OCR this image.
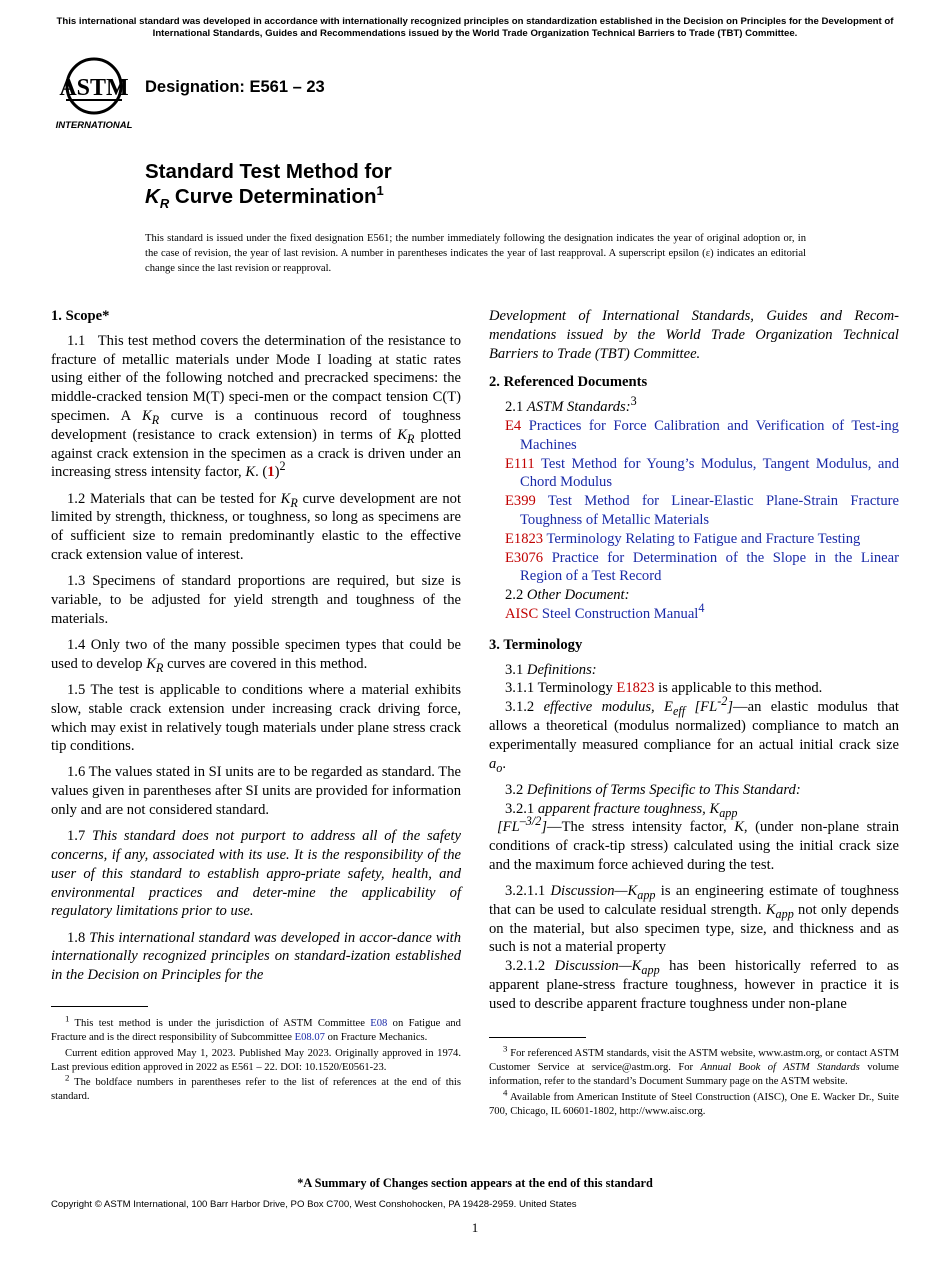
This international standard was developed in accordance with internationally recognized principles on standardization established in the Decision on Principles for the Development of International Standards, Guides and Recommendations issued by the World Trade Organization Technical Barriers to Trade (TBT) Committee.
ASTM
INTERNATIONAL
Designation: E561 – 23
Standard Test Method for
$K_R$ Curve Determination$^1$
This standard is issued under the fixed designation E561; the number immediately following the designation indicates the year of original adoption or, in the case of revision, the year of last revision. A number in parentheses indicates the year of last reapproval. A superscript epsilon (ε) indicates an editorial change since the last revision or reapproval.
1. Scope*

1.1 This test method covers the determination of the resistance to fracture of metallic materials under Mode I loading at static rates using either of the following notched and precracked specimens: the middle-cracked tension M(T) speci-men or the compact tension C(T) specimen. A $K_R$ curve is a continuous record of toughness development (resistance to crack extension) in terms of $K_R$ plotted against crack extension in the specimen as a crack is driven under an increasing stress intensity factor, K. $(1)^2$

1.2 Materials that can be tested for $K_R$ curve development are not limited by strength, thickness, or toughness, so long as specimens are of sufficient size to remain predominantly elastic to the effective crack extension value of interest.

1.3 Specimens of standard proportions are required, but size is variable, to be adjusted for yield strength and toughness of the materials.

1.4 Only two of the many possible specimen types that could be used to develop $K_R$ curves are covered in this method.

1.5 The test is applicable to conditions where a material exhibits slow, stable crack extension under increasing crack driving force, which may exist in relatively tough materials under plane stress crack tip conditions.

1.6 The values stated in SI units are to be regarded as standard. The values given in parentheses after SI units are provided for information only and are not considered standard.

1.7 This standard does not purport to address all of the safety concerns, if any, associated with its use. It is the responsibility of the user of this standard to establish appro-priate safety, health, and environmental practices and deter-mine the applicability of regulatory limitations prior to use.

1.8 This international standard was developed in accor-dance with internationally recognized principles on standard-ization established in the Decision on Principles for the

$^1$ This test method is under the jurisdiction of ASTM Committee E08 on Fatigue and Fracture and is the direct responsibility of Subcommittee E08.07 on Fracture Mechanics.

Current edition approved May 1, 2023. Published May 2023. Originally approved in 1974. Last previous edition approved in 2022 as E561 – 22. DOI: 10.1520/E0561-23.

$^2$ The boldface numbers in parentheses refer to the list of references at the end of this standard.

Development of International Standards, Guides and Recom-mendations issued by the World Trade Organization Technical Barriers to Trade (TBT) Committee.

2. Referenced Documents
2.1 ASTM Standards:$^3$
E4 Practices for Force Calibration and Verification of Test-ing Machines
E111 Test Method for Young’s Modulus, Tangent Modulus, and Chord Modulus
E399 Test Method for Linear-Elastic Plane-Strain Fracture Toughness of Metallic Materials
E1823 Terminology Relating to Fatigue and Fracture Testing
E3076 Practice for Determination of the Slope in the Linear Region of a Test Record
2.2 Other Document:
AISC Steel Construction Manual$^4$
3. Terminology
3.1 Definitions:
3.1.1 Terminology E1823 is applicable to this method.

3.1.2 effective modulus, $E_{eff}$ $[FL^{-2}]—an$ elastic modulus that allows a theoretical (modulus normalized) compliance to match an experimentally measured compliance for an actual initial crack size $a_o$.

3.2 Definitions of Terms Specific to This Standard:
3.2.1 apparent fracture toughness, $K_{app}$

$[FL^{-3/2}]—The$ stress intensity factor, K, (under non-plane strain conditions of crack-tip stress) calculated using the initial crack size and the maximum force achieved during the test.

3.2.1.1 $Discussion—K_{app}$ is an engineering estimate of toughness that can be used to calculate residual strength. $K_{app}$ not only depends on the material, but also specimen type, size, and thickness and as such is not a material property

3.2.1.2 $Discussion—K_{app}$ has been historically referred to as apparent plane-stress fracture toughness, however in practice it is used to describe apparent fracture toughness under non-plane

$^3$ For referenced ASTM standards, visit the ASTM website, www.astm.org, or contact ASTM Customer Service at service@astm.org. For Annual Book of ASTM Standards volume information, refer to the standard’s Document Summary page on the ASTM website.

$^4$ Available from American Institute of Steel Construction (AISC), One E. Wacker Dr., Suite 700, Chicago, IL 60601-1802, http://www.aisc.org.

*A Summary of Changes section appears at the end of this standard
Copyright © ASTM International, 100 Barr Harbor Drive, PO Box C700, West Conshohocken, PA 19428-2959. United States
1
